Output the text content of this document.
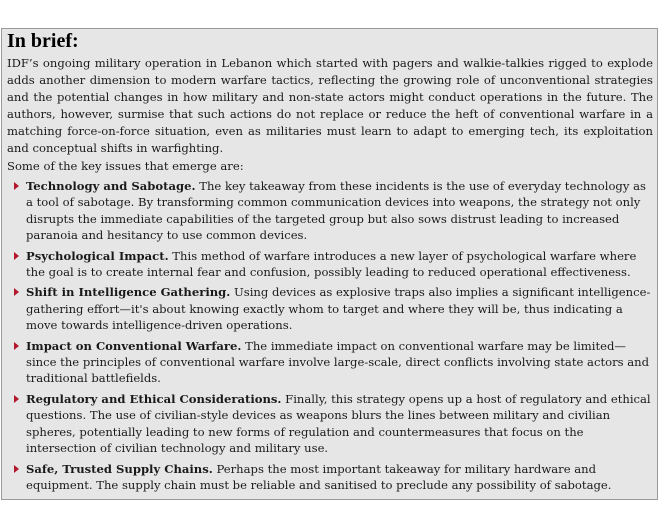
In brief:

IDF’s ongoing military operation in Lebanon which started with pagers and walkie-talkies rigged to explode adds another dimension to modern warfare tactics, reflecting the growing role of unconventional strategies and the potential changes in how military and non-state actors might conduct operations in the future. The authors, however, surmise that such actions do not replace or reduce the heft of conventional warfare in a matching force-on-force situation, even as militaries must learn to adapt to emerging tech, its exploitation and conceptual shifts in warfighting.

Some of the key issues that emerge are:
Technology and Sabotage. The key takeaway from these incidents is the use of everyday technology as a tool of sabotage. By transforming common communication devices into weapons, the strategy not only disrupts the immediate capabilities of the targeted group but also sows distrust leading to increased paranoia and hesitancy to use common devices.
Psychological Impact. This method of warfare introduces a new layer of psychological warfare where the goal is to create internal fear and confusion, possibly leading to reduced operational effectiveness.
Shift in Intelligence Gathering. Using devices as explosive traps also implies a significant intelligence-gathering effort—it's about knowing exactly whom to target and where they will be, thus indicating a move towards intelligence-driven operations.
Impact on Conventional Warfare. The immediate impact on conventional warfare may be limited—since the principles of conventional warfare involve large-scale, direct conflicts involving state actors and traditional battlefields.
Regulatory and Ethical Considerations. Finally, this strategy opens up a host of regulatory and ethical questions. The use of civilian-style devices as weapons blurs the lines between military and civilian spheres, potentially leading to new forms of regulation and countermeasures that focus on the intersection of civilian technology and military use.
Safe, Trusted Supply Chains. Perhaps the most important takeaway for military hardware and equipment. The supply chain must be reliable and sanitised to preclude any possibility of sabotage.
